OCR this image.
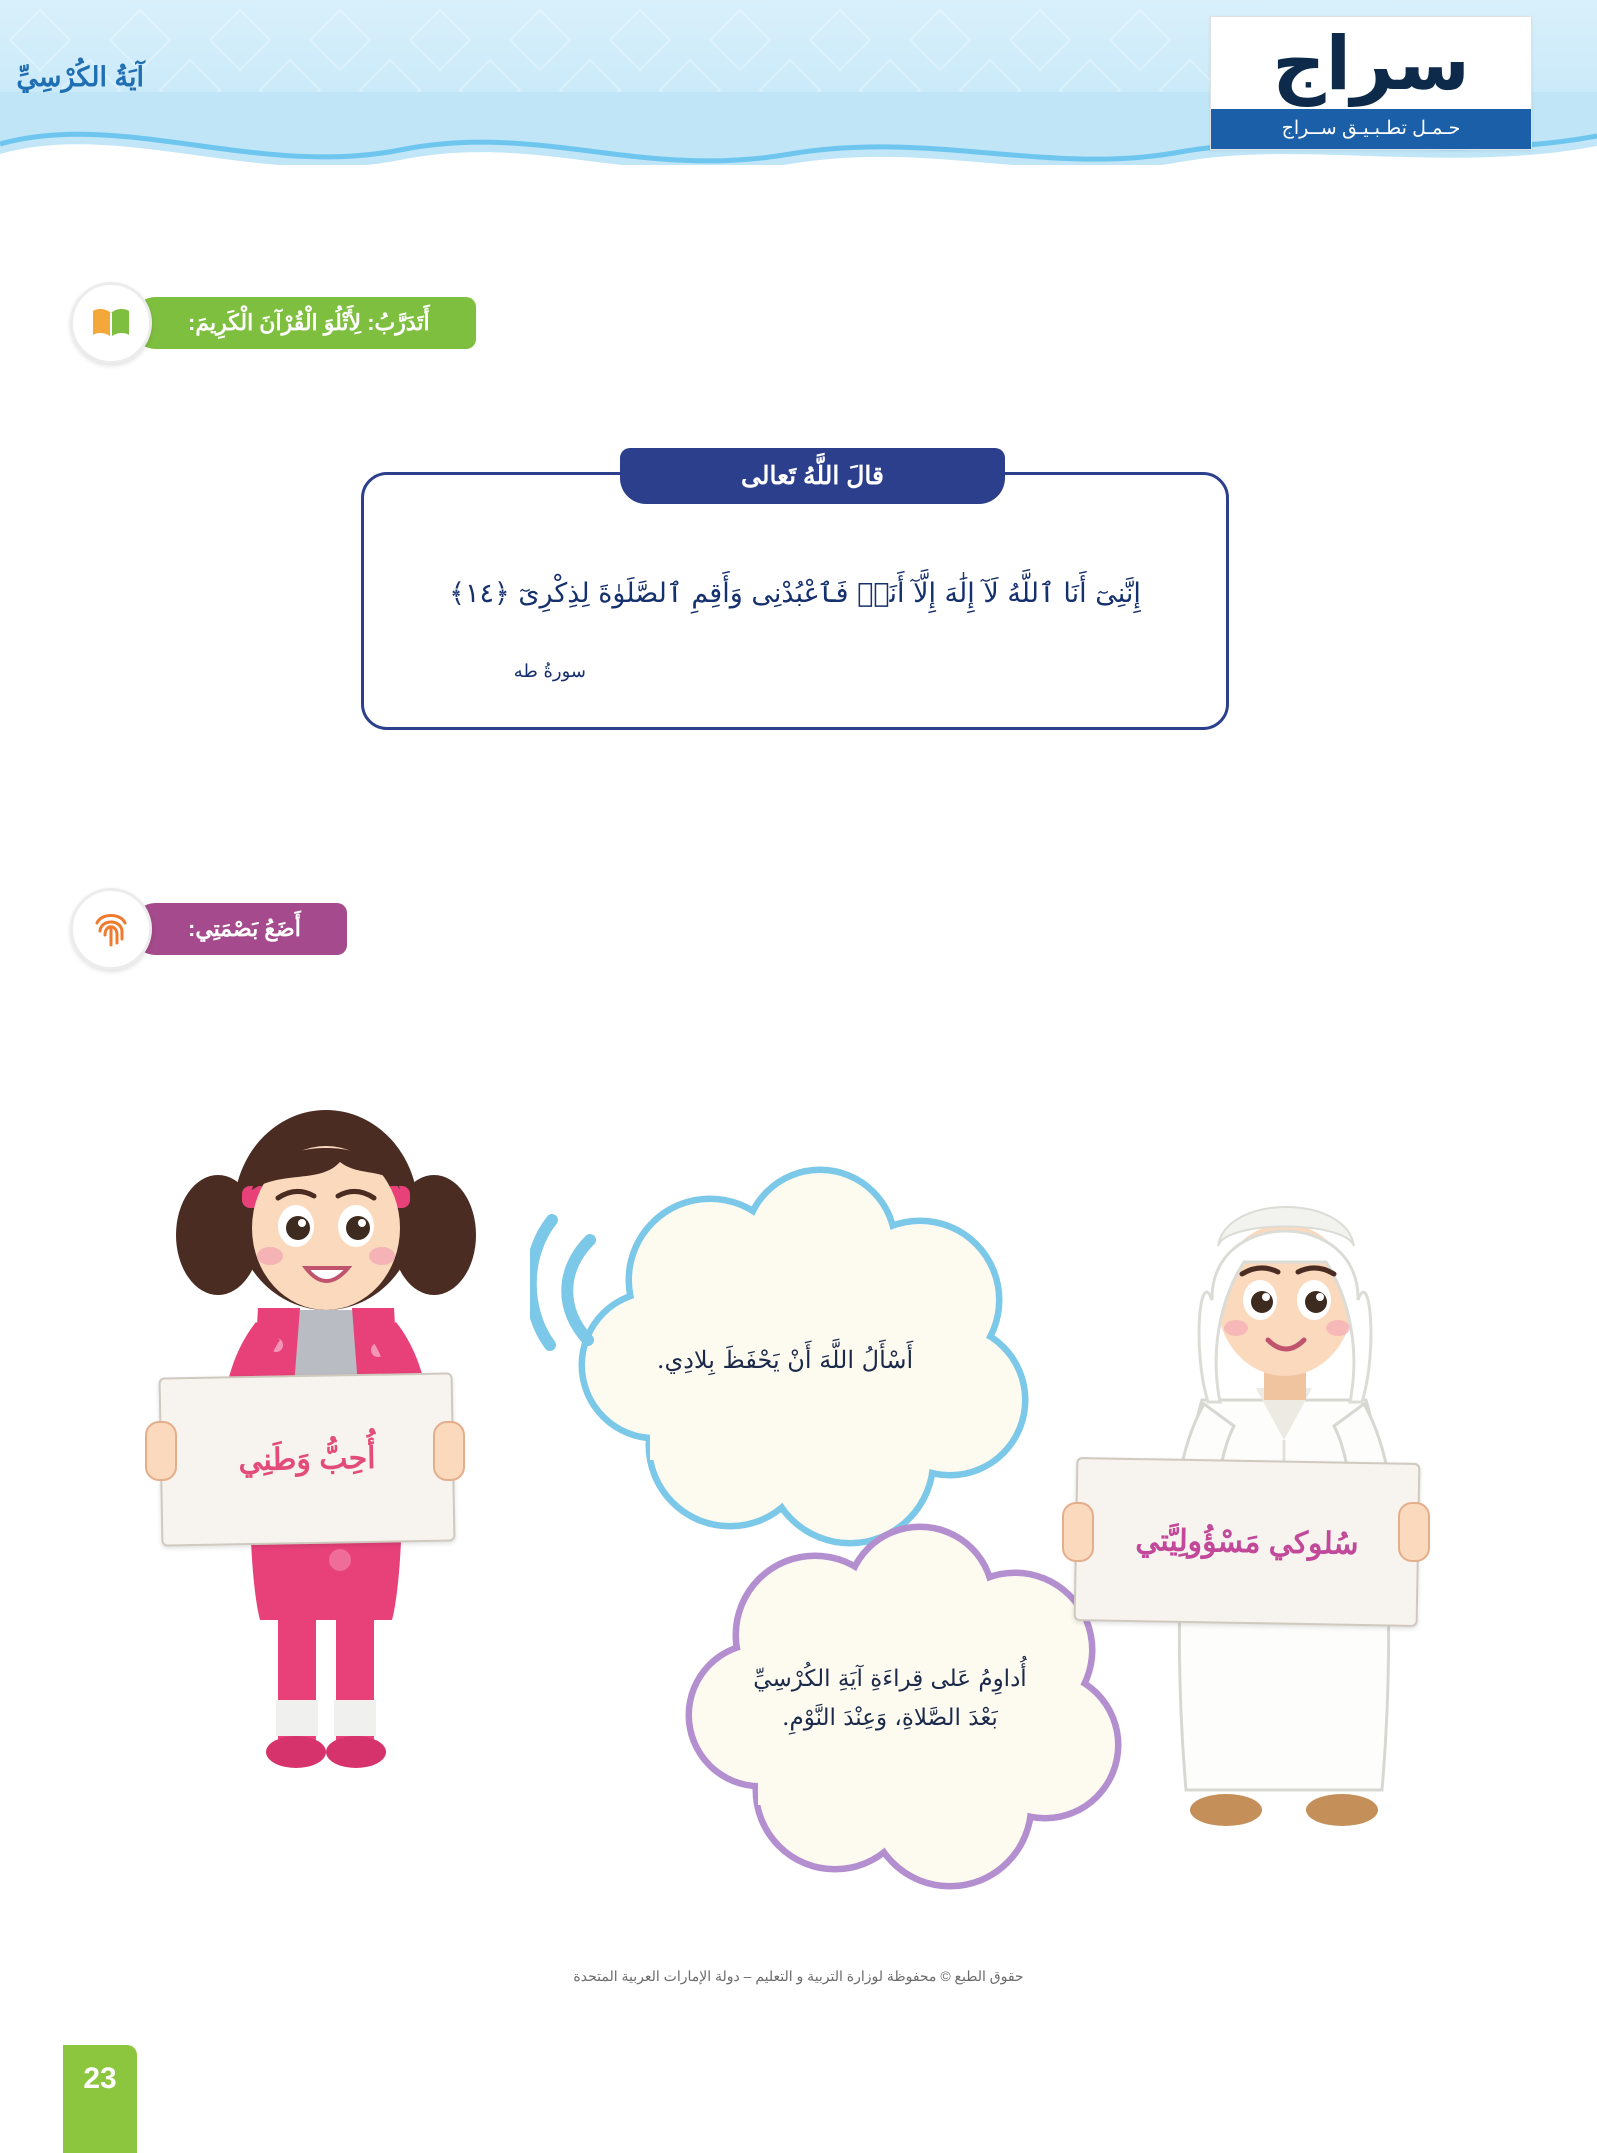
آيَةُ الكُرْسِيِّ	سراج
حـمـل تطـبـيـق ســراج
أَتَدَرَّبُ: لِأَتْلُوَ الْقُرْآنَ الْكَرِيمَ:
قالَ اللَّهُ تَعالى
إِنَّنِىٓ أَنَا ٱللَّهُ لَآ إِلَٰهَ إِلَّآ أَنَا۠ فَٱعْبُدْنِى وَأَقِمِ ٱلصَّلَوٰةَ لِذِكْرِىٓ ﴿١٤﴾
سورةُ طه
أَضَعُ بَصْمَتِي:
أَسْأَلُ اللَّهَ أَنْ يَحْفَظَ بِلادِي.
أُداوِمُ عَلى قِراءَةِ آيَةِ الكُرْسِيِّ بَعْدَ الصَّلاةِ، وَعِنْدَ النَّوْمِ.
أُحِبُّ وَطَنِي
سُلوكي مَسْؤُولِيَّتي
حقوق الطبع © محفوظة لوزارة التربية و التعليم – دولة الإمارات العربية المتحدة
23
